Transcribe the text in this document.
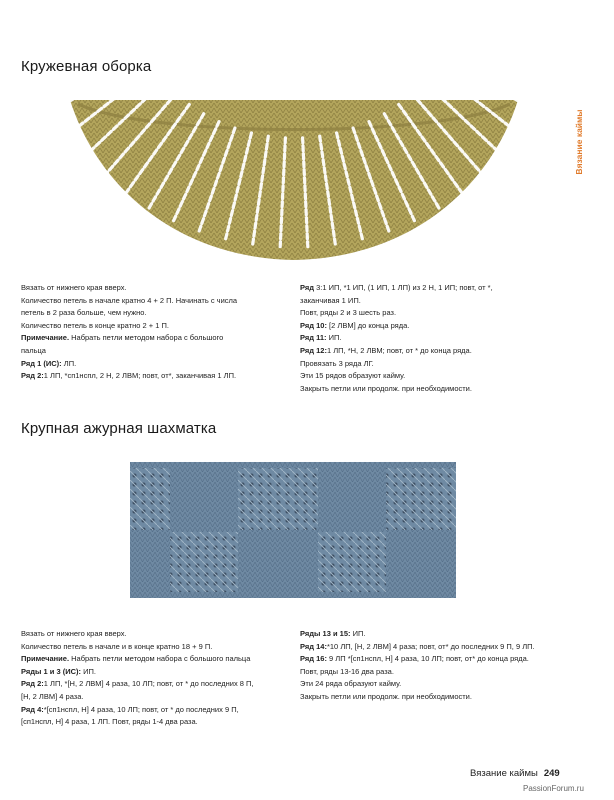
Кружевная оборка
Вязание каймы

Вязать от нижнего края вверх.

Количество петель в начале кратно 4 + 2 П. Начинать с числа

петель в 2 раза больше, чем нужно.

Количество петель в конце кратно 2 + 1 П.

Примечание. Набрать петли методом набора с большого

пальца

Ряд 1 (ИС): ЛП.

Ряд 2:1 ЛП, *сп1нспл, 2 Н, 2 ЛВМ; повт, от*, заканчивая 1 ЛП.

Ряд 3:1 ИП, *1 ИП, (1 ИП, 1 ЛП) из 2 Н, 1 ИП; повт, от *,

заканчивая 1 ИП.

Повт, ряды 2 и 3 шесть раз.

Ряд 10: [2 ЛВМ] до конца ряда.

Ряд 11: ИП.

Ряд 12:1 ЛП, *Н, 2 ЛВМ; повт, от * до конца ряда.

Провязать 3 ряда ЛГ.

Эти 15 рядов образуют кайму.

Закрыть петли или продолж. при необходимости.

Крупная ажурная шахматка

Вязать от нижнего края вверх.

Количество петель в начале и в конце кратно 18 + 9 П.

Примечание. Набрать петли методом набора с большого пальца

Ряды 1 и 3 (ИС): ИП.

Ряд 2:1 ЛП, *[Н, 2 ЛВМ] 4 раза, 10 ЛП; повт, от * до последних 8 П,

[Н, 2 ЛВМ] 4 раза.

Ряд 4:*[сп1нспл, Н] 4 раза, 10 ЛП; повт, от * до последних 9 П,

[сп1нспл, Н] 4 раза, 1 ЛП. Повт, ряды 1-4 два раза.

Ряды 13 и 15: ИП.

Ряд 14:*10 ЛП, [Н, 2 ЛВМ] 4 раза; повт, от* до последних 9 П, 9 ЛП.

Ряд 16: 9 ЛП *[сп1нспл, Н] 4 раза, 10 ЛП; повт, от* до конца ряда.

Повт, ряды 13-16 два раза.

Эти 24 ряда образуют кайму.

Закрыть петли или продолж. при необходимости.

Вязание каймы 249
PassionForum.ru
